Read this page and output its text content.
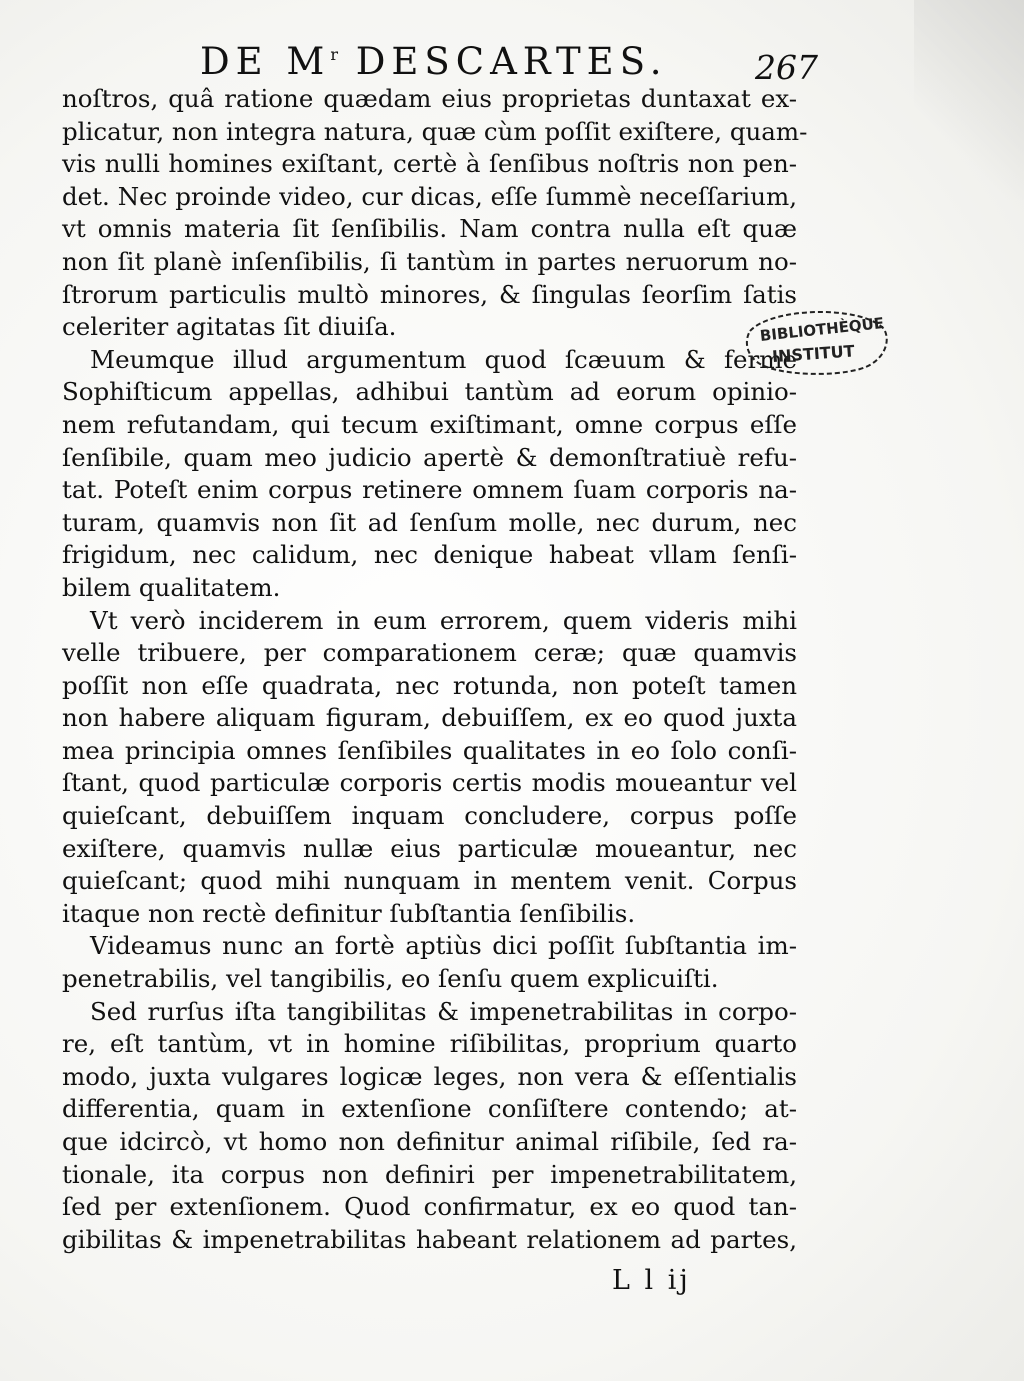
DE $M^r$ DESCARTES.	267
noſtros, quâ ratione quædam eius proprietas duntaxat ex-
plicatur, non integra natura, quæ cùm poſſit exiſtere, quam-
vis nulli homines exiſtant, certè à ſenſibus noſtris non pen-
det. Nec proinde video, cur dicas, eſſe ſummè neceſſarium,
vt omnis materia ſit ſenſibilis. Nam contra nulla eſt quæ
non ſit planè inſenſibilis, ſi tantùm in partes neruorum no-
ſtrorum particulis multò minores, & ſingulas ſeorſim ſatis
celeriter agitatas ſit diuiſa.
Meumque illud argumentum quod ſcæuum & ferme
Sophiſticum appellas, adhibui tantùm ad eorum opinio-
nem refutandam, qui tecum exiſtimant, omne corpus eſſe
ſenſibile, quam meo judicio apertè & demonſtratiuè refu-
tat. Poteſt enim corpus retinere omnem ſuam corporis na-
turam, quamvis non ſit ad ſenſum molle, nec durum, nec
frigidum, nec calidum, nec denique habeat vllam ſenſi-
bilem qualitatem.
Vt verò inciderem in eum errorem, quem videris mihi
velle tribuere, per comparationem ceræ; quæ quamvis
poſſit non eſſe quadrata, nec rotunda, non poteſt tamen
non habere aliquam figuram, debuiſſem, ex eo quod juxta
mea principia omnes ſenſibiles qualitates in eo ſolo conſi-
ſtant, quod particulæ corporis certis modis moueantur vel
quieſcant, debuiſſem inquam concludere, corpus poſſe
exiſtere, quamvis nullæ eius particulæ moueantur, nec
quieſcant; quod mihi nunquam in mentem venit. Corpus
itaque non rectè definitur ſubſtantia ſenſibilis.
Videamus nunc an fortè aptiùs dici poſſit ſubſtantia im-
penetrabilis, vel tangibilis, eo ſenſu quem explicuiſti.
Sed rurſus iſta tangibilitas & impenetrabilitas in corpo-
re, eſt tantùm, vt in homine riſibilitas, proprium quarto
modo, juxta vulgares logicæ leges, non vera & eſſentialis
differentia, quam in extenſione conſiſtere contendo; at-
que idcircò, vt homo non definitur animal riſibile, ſed ra-
tionale, ita corpus non definiri per impenetrabilitatem,
ſed per extenſionem. Quod confirmatur, ex eo quod tan-
gibilitas & impenetrabilitas habeant relationem ad partes,
L l ij
BIBLIOTHÈQUE
INSTITUT
